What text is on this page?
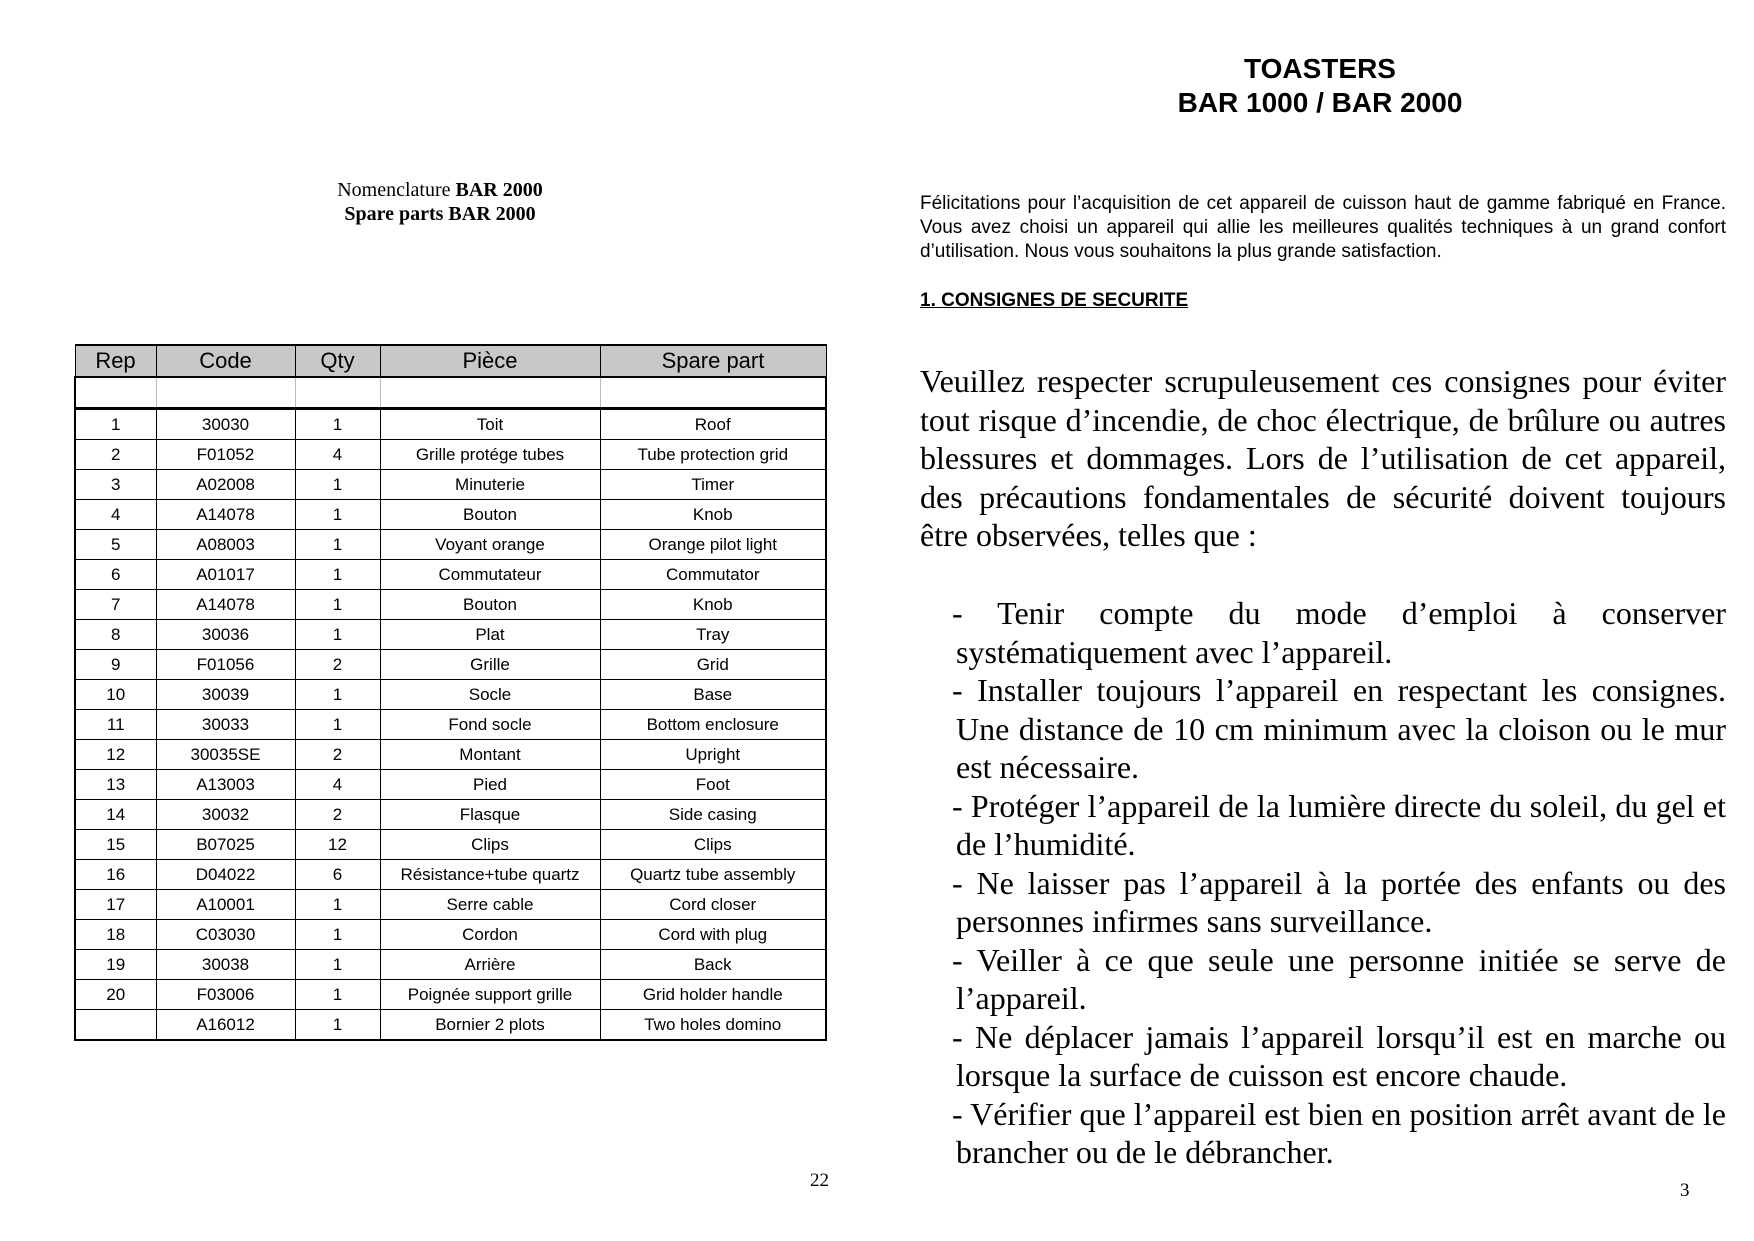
Nomenclature BAR 2000
Spare parts BAR 2000
Rep	Code	Qty	Pièce	Spare part

1	30030	1	Toit	Roof
2	F01052	4	Grille protége tubes	Tube protection grid
3	A02008	1	Minuterie	Timer
4	A14078	1	Bouton	Knob
5	A08003	1	Voyant orange	Orange pilot light
6	A01017	1	Commutateur	Commutator
7	A14078	1	Bouton	Knob
8	30036	1	Plat	Tray
9	F01056	2	Grille	Grid
10	30039	1	Socle	Base
11	30033	1	Fond socle	Bottom enclosure
12	30035SE	2	Montant	Upright
13	A13003	4	Pied	Foot
14	30032	2	Flasque	Side casing
15	B07025	12	Clips	Clips
16	D04022	6	Résistance+tube quartz	Quartz tube assembly
17	A10001	1	Serre cable	Cord closer
18	C03030	1	Cordon	Cord with plug
19	30038	1	Arrière	Back
20	F03006	1	Poignée support grille	Grid holder handle
	A16012	1	Bornier 2 plots	Two holes domino
22
TOASTERS
BAR 1000 / BAR 2000
Félicitations pour l’acquisition de cet appareil de cuisson haut de gamme fabriqué en France. Vous avez choisi un appareil qui allie les meilleures qualités techniques à un grand confort d’utilisation. Nous vous souhaitons la plus grande satisfaction.
1. CONSIGNES DE SECURITE
Veuillez respecter scrupuleusement ces consignes pour éviter tout risque d’incendie, de choc électrique, de brûlure ou autres blessures et dommages. Lors de l’utilisation de cet appareil, des précautions fondamentales de sécurité doivent toujours être observées, telles que :

- Tenir compte du mode d’emploi à conserver systématiquement avec l’appareil.

- Installer toujours l’appareil en respectant les consignes. Une distance de 10 cm minimum avec la cloison ou le mur est nécessaire.

- Protéger l’appareil de la lumière directe du soleil, du gel et de l’humidité.

- Ne laisser pas l’appareil à la portée des enfants ou des personnes infirmes sans surveillance.

- Veiller à ce que seule une personne initiée se serve de l’appareil.

- Ne déplacer jamais l’appareil lorsqu’il est en marche ou lorsque la surface de cuisson est encore chaude.

- Vérifier que l’appareil est bien en position arrêt avant de le brancher ou de le débrancher.

3
